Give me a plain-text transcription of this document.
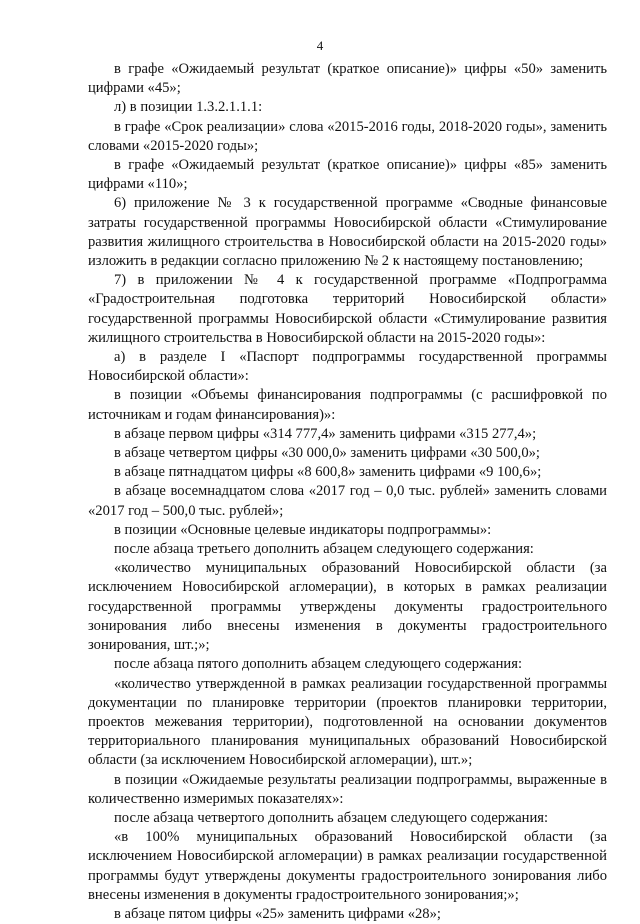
4

в графе «Ожидаемый результат (краткое описание)» цифры «50» заменить цифрами «45»;

л) в позиции 1.3.2.1.1.1:

в графе «Срок реализации» слова «2015-2016 годы, 2018-2020 годы», заменить словами «2015-2020 годы»;

в графе «Ожидаемый результат (краткое описание)» цифры «85» заменить цифрами «110»;

6) приложение № 3 к государственной программе «Сводные финансовые затраты государственной программы Новосибирской области «Стимулирование развития жилищного строительства в Новосибирской области на 2015-2020 годы» изложить в редакции согласно приложению № 2 к настоящему постановлению;

7) в приложении № 4 к государственной программе «Подпрограмма «Градостроительная подготовка территорий Новосибирской области» государственной программы Новосибирской области «Стимулирование развития жилищного строительства в Новосибирской области на 2015-2020 годы»:

а) в разделе I «Паспорт подпрограммы государственной программы Новосибирской области»:

в позиции «Объемы финансирования подпрограммы (с расшифровкой по источникам и годам финансирования)»:

в абзаце первом цифры «314 777,4» заменить цифрами «315 277,4»;

в абзаце четвертом цифры «30 000,0» заменить цифрами «30 500,0»;

в абзаце пятнадцатом цифры «8 600,8» заменить цифрами «9 100,6»;

в абзаце восемнадцатом слова «2017 год – 0,0 тыс. рублей» заменить словами «2017 год – 500,0 тыс. рублей»;

в позиции «Основные целевые индикаторы подпрограммы»:

после абзаца третьего дополнить абзацем следующего содержания:

«количество муниципальных образований Новосибирской области (за исключением Новосибирской агломерации), в которых в рамках реализации государственной программы утверждены документы градостроительного зонирования либо внесены изменения в документы градостроительного зонирования, шт.;»;

после абзаца пятого дополнить абзацем следующего содержания:

«количество утвержденной в рамках реализации государственной программы документации по планировке территории (проектов планировки территории, проектов межевания территории), подготовленной на основании документов территориального планирования муниципальных образований Новосибирской области (за исключением Новосибирской агломерации), шт.»;

в позиции «Ожидаемые результаты реализации подпрограммы, выраженные в количественно измеримых показателях»:

после абзаца четвертого дополнить абзацем следующего содержания:

«в 100% муниципальных образований Новосибирской области (за исключением Новосибирской агломерации) в рамках реализации государственной программы будут утверждены документы градостроительного зонирования либо внесены изменения в документы градостроительного зонирования;»;

в абзаце пятом цифры «25» заменить цифрами «28»;
